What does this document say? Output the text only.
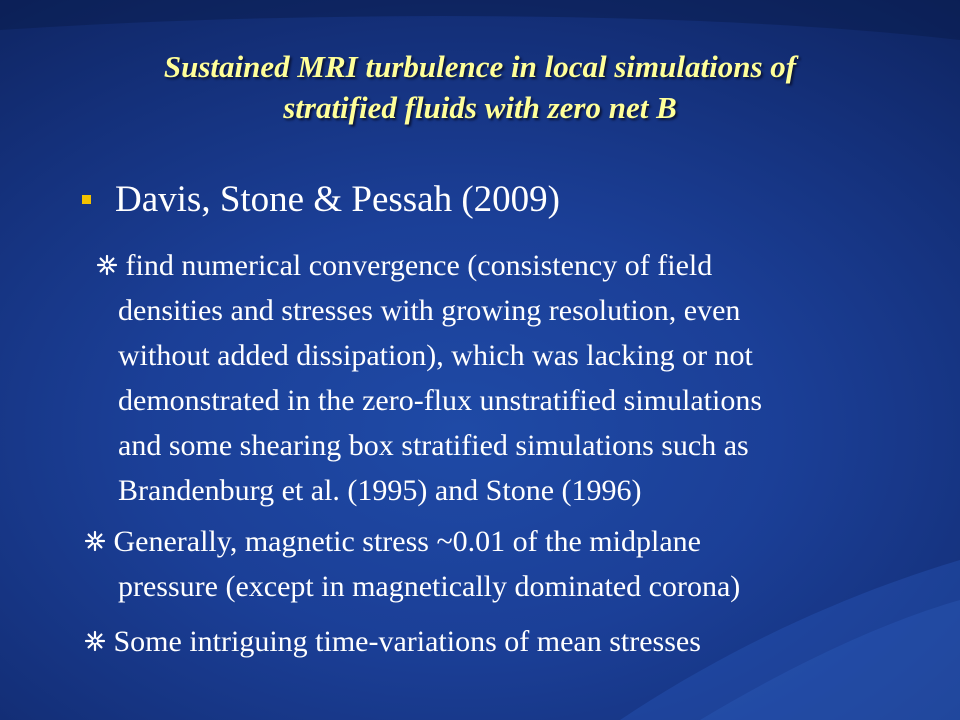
Sustained MRI turbulence in local simulations of
stratified fluids with zero net B
Davis, Stone & Pessah (2009)
find numerical convergence (consistency of field
densities and stresses with growing resolution, even
without added dissipation), which was lacking or not
demonstrated in the zero-flux unstratified simulations
and some shearing box stratified simulations such as
Brandenburg et al. (1995) and Stone (1996)
Generally, magnetic stress ~0.01 of the midplane
pressure (except in magnetically dominated corona)
Some intriguing time-variations of mean stresses
